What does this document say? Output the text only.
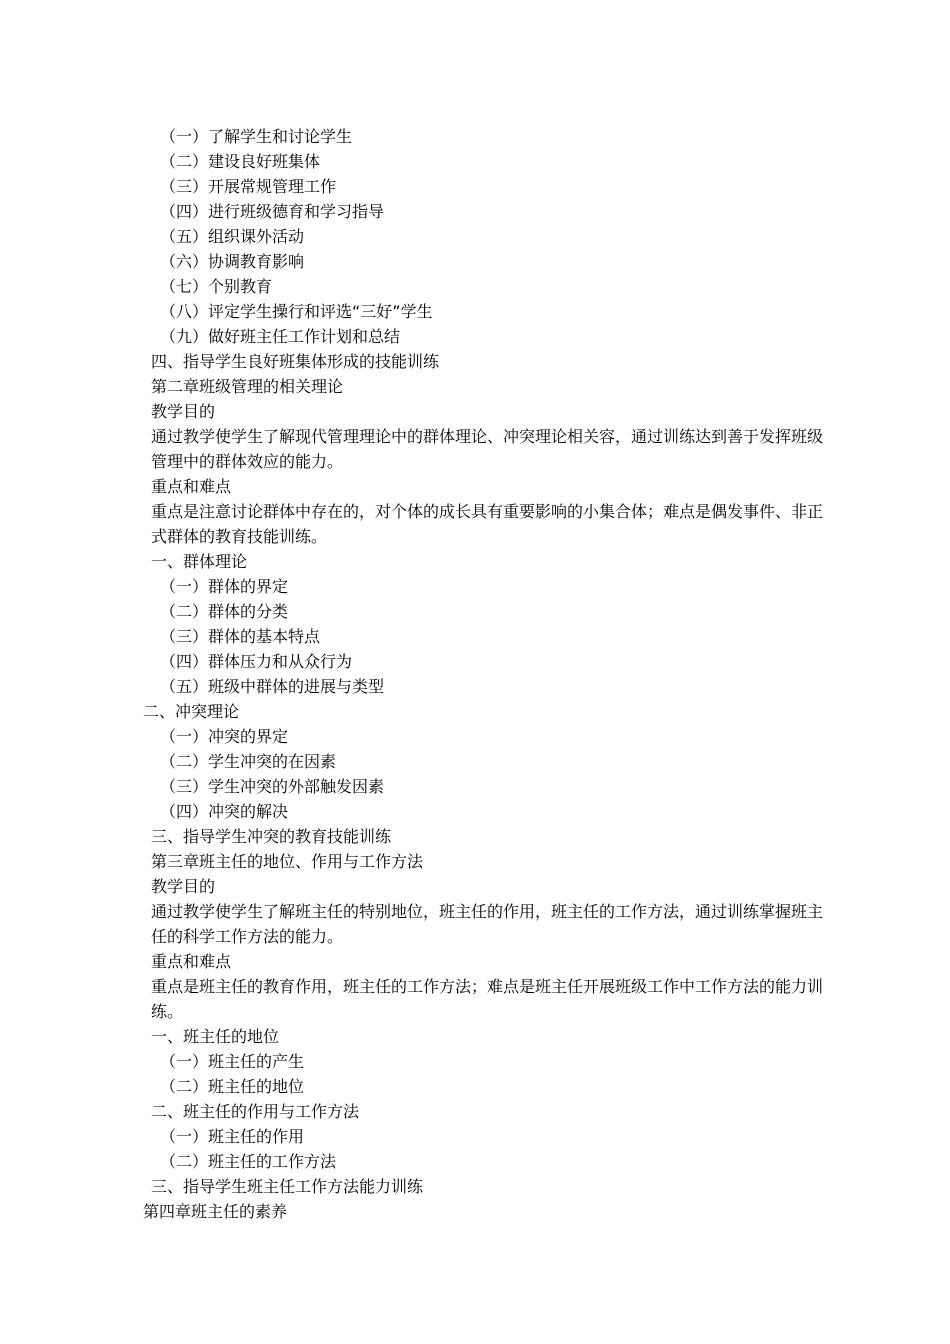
（一）了解学生和讨论学生

（二）建设良好班集体

（三）开展常规管理工作

（四）进行班级德育和学习指导

（五）组织课外活动

（六）协调教育影响

（七）个别教育

（八）评定学生操行和评选“三好”学生

（九）做好班主任工作计划和总结

四、指导学生良好班集体形成的技能训练

第二章班级管理的相关理论

教学目的

通过教学使学生了解现代管理理论中的群体理论、冲突理论相关容，通过训练达到善于发挥班级管理中的群体效应的能力。

重点和难点

重点是注意讨论群体中存在的，对个体的成长具有重要影响的小集合体；难点是偶发事件、非正式群体的教育技能训练。

一、群体理论

（一）群体的界定

（二）群体的分类

（三）群体的基本特点

（四）群体压力和从众行为

（五）班级中群体的进展与类型

二、冲突理论

（一）冲突的界定

（二）学生冲突的在因素

（三）学生冲突的外部触发因素

（四）冲突的解决

三、指导学生冲突的教育技能训练

第三章班主任的地位、作用与工作方法

教学目的

通过教学使学生了解班主任的特别地位，班主任的作用，班主任的工作方法，通过训练掌握班主任的科学工作方法的能力。

重点和难点

重点是班主任的教育作用，班主任的工作方法；难点是班主任开展班级工作中工作方法的能力训练。

一、班主任的地位

（一）班主任的产生

（二）班主任的地位

二、班主任的作用与工作方法

（一）班主任的作用

（二）班主任的工作方法

三、指导学生班主任工作方法能力训练

第四章班主任的素养
